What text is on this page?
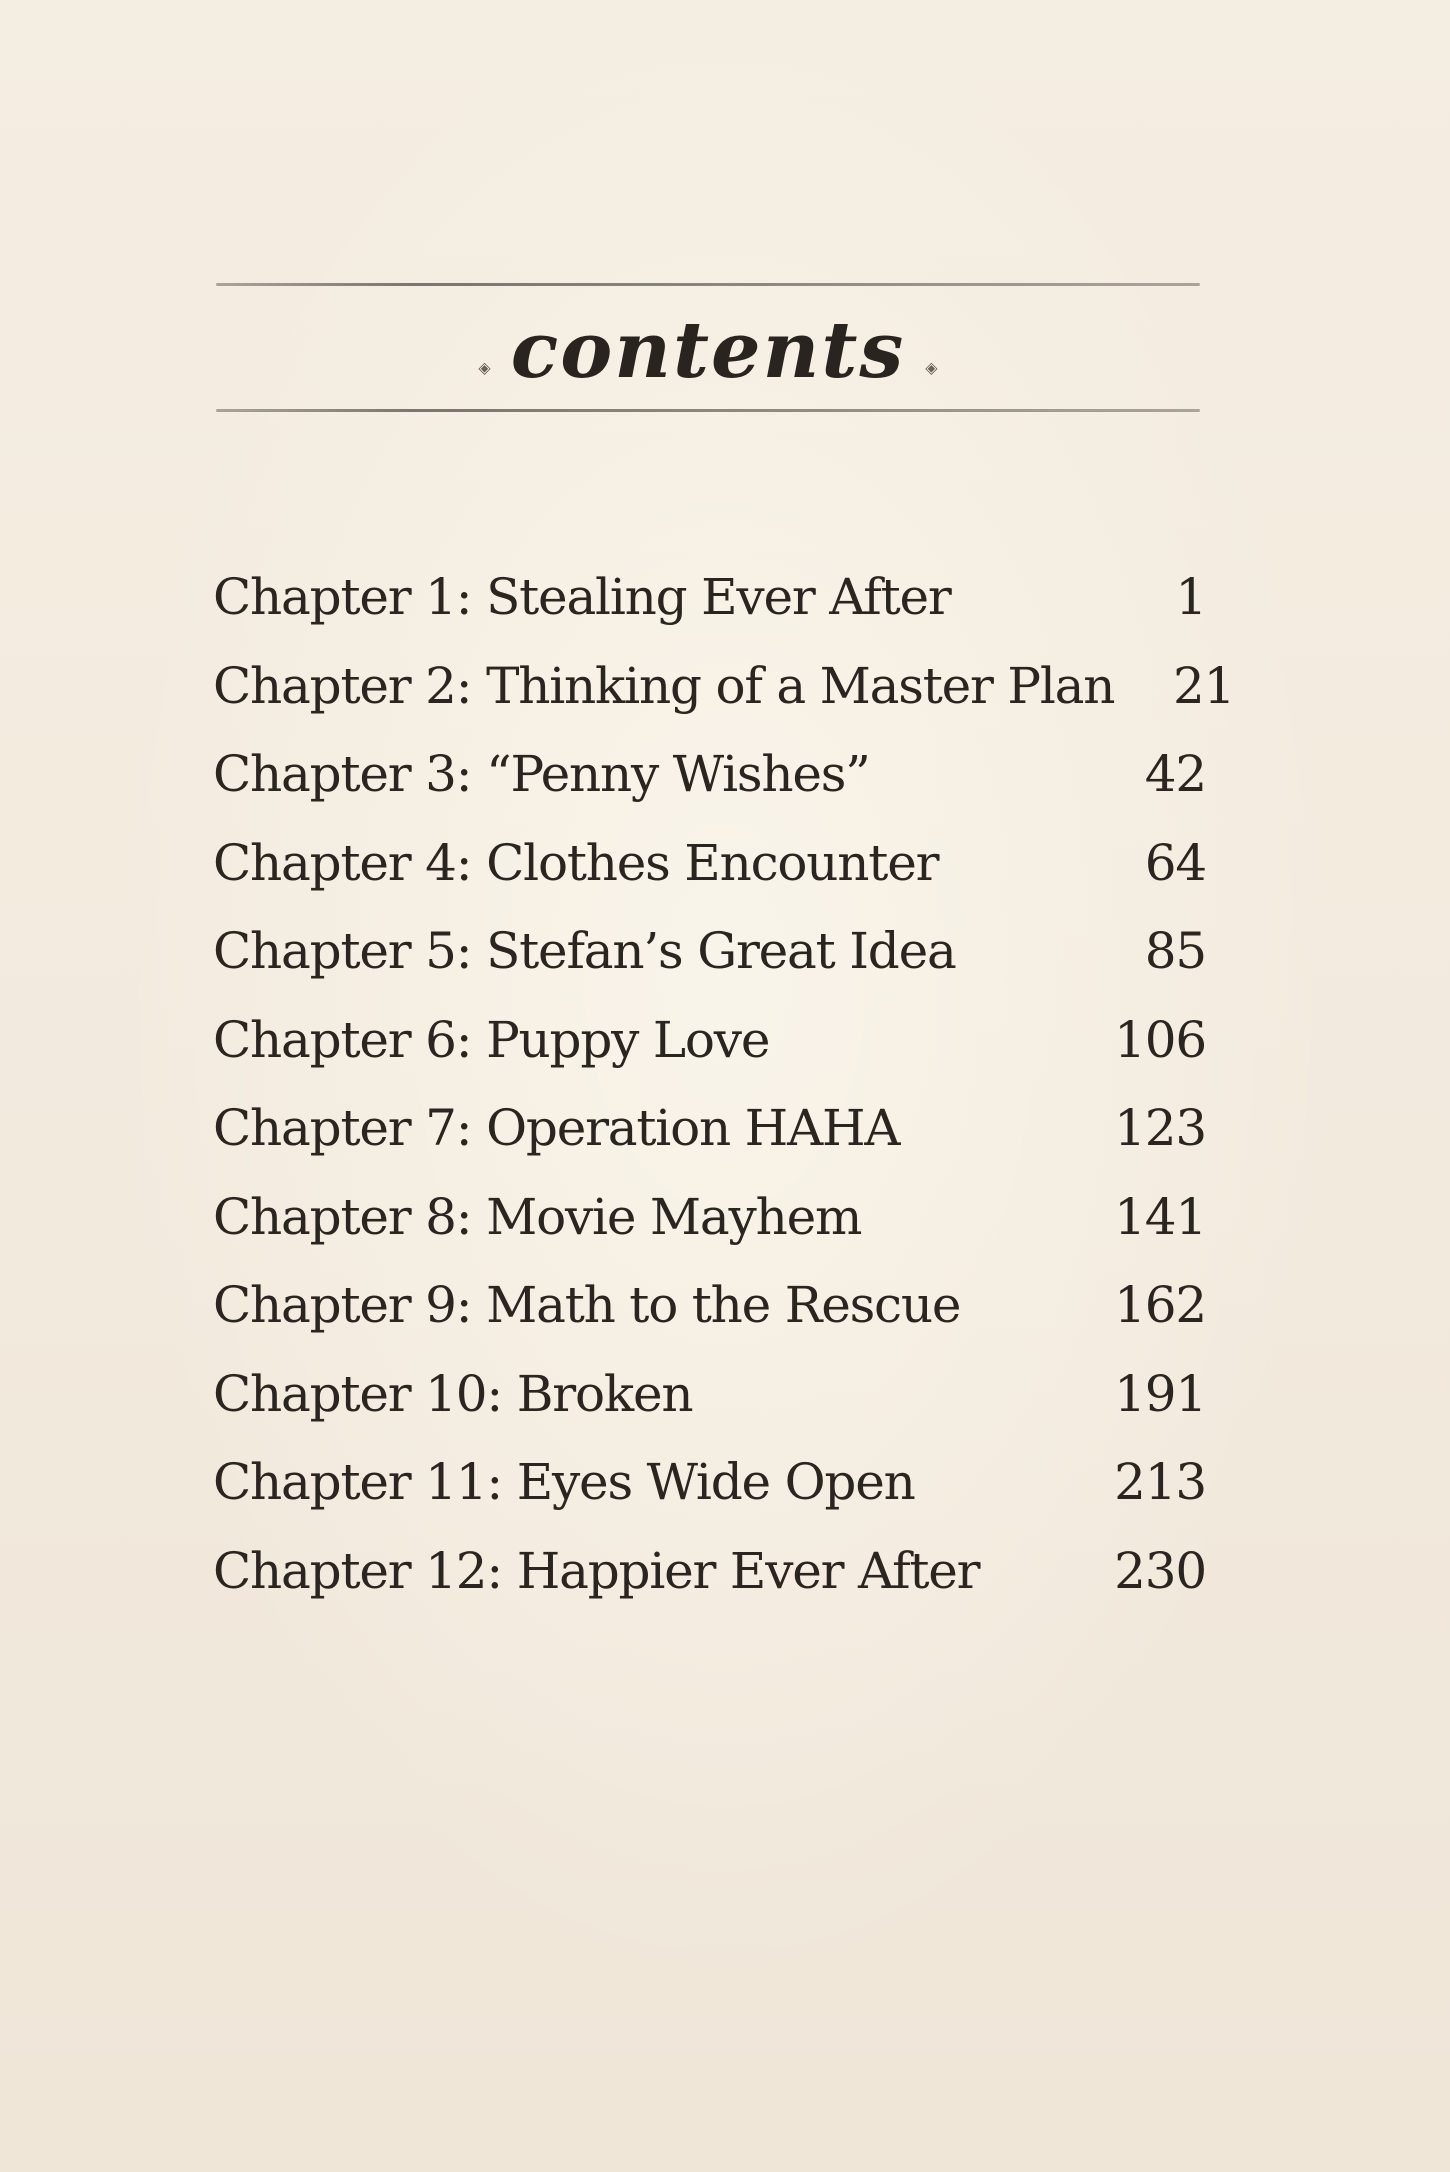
◈ contents ◈
Chapter 1: Stealing Ever After	1
Chapter 2: Thinking of a Master Plan	21
Chapter 3: “Penny Wishes”	42
Chapter 4: Clothes Encounter	64
Chapter 5: Stefan’s Great Idea	85
Chapter 6: Puppy Love	106
Chapter 7: Operation HAHA	123
Chapter 8: Movie Mayhem	141
Chapter 9: Math to the Rescue	162
Chapter 10: Broken	191
Chapter 11: Eyes Wide Open	213
Chapter 12: Happier Ever After	230
